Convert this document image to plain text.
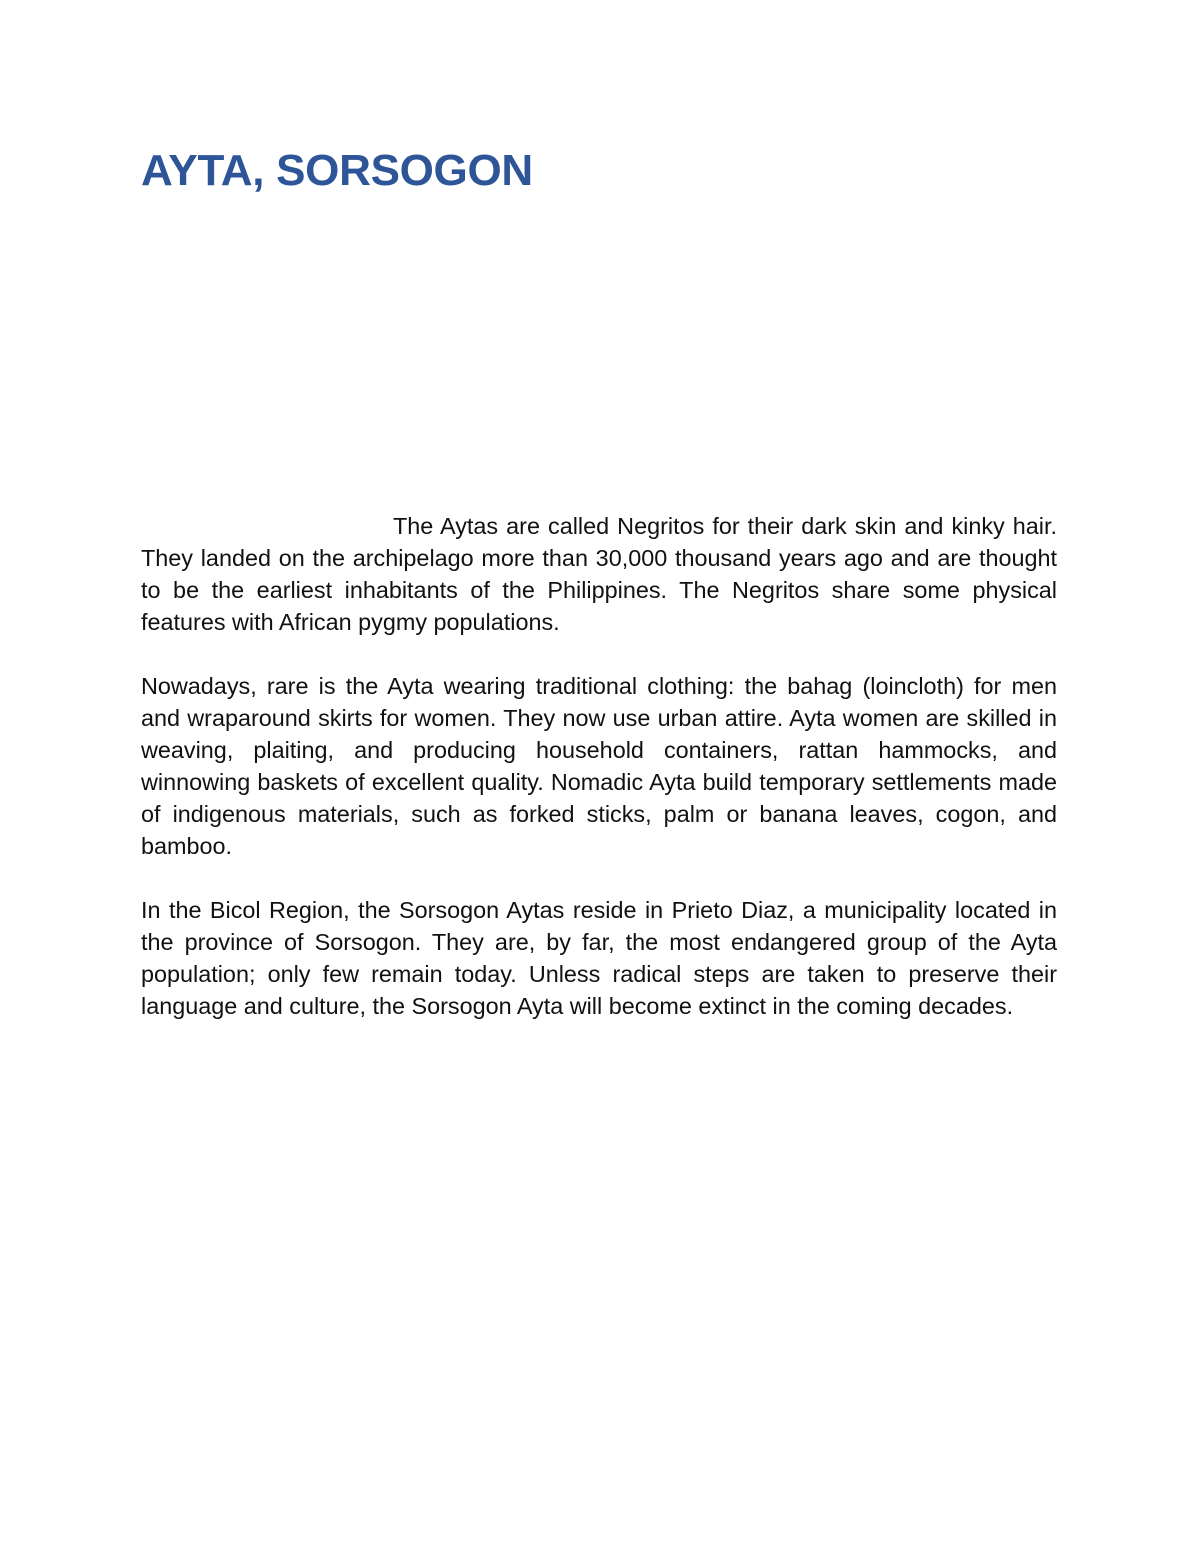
AYTA, SORSOGON

The Aytas are called Negritos for their dark skin and kinky hair. They landed on the archipelago more than 30,000 thousand years ago and are thought to be the earliest inhabitants of the Philippines. The Negritos share some physical features with African pygmy populations.

Nowadays, rare is the Ayta wearing traditional clothing: the bahag (loincloth) for men and wraparound skirts for women. They now use urban attire. Ayta women are skilled in weaving, plaiting, and producing household containers, rattan hammocks, and winnowing baskets of excellent quality. Nomadic Ayta build temporary settlements made of indigenous materials, such as forked sticks, palm or banana leaves, cogon, and bamboo.

In the Bicol Region, the Sorsogon Aytas reside in Prieto Diaz, a municipality located in the province of Sorsogon. They are, by far, the most endangered group of the Ayta population; only few remain today. Unless radical steps are taken to preserve their language and culture, the Sorsogon Ayta will become extinct in the coming decades.
